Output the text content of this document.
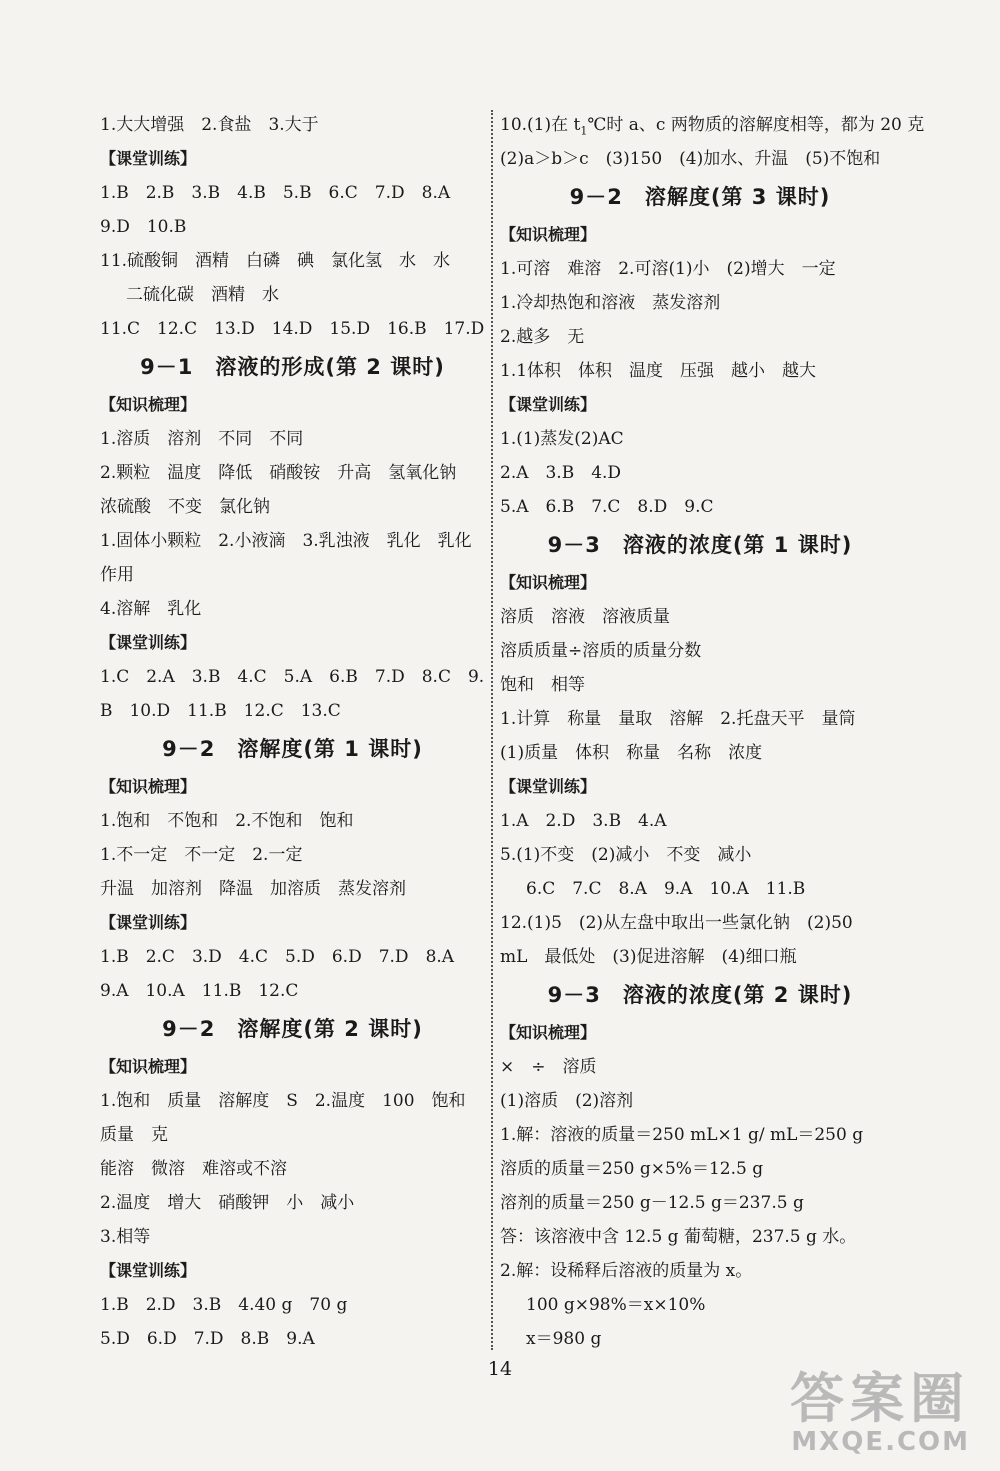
1.大大增强　2.食盐　3.大于
【课堂训练】
1.B　2.B　3.B　4.B　5.B　6.C　7.D　8.A
9.D　10.B
11.硫酸铜　酒精　白磷　碘　氯化氢　水　水
二硫化碳　酒精　水
11.C　12.C　13.D　14.D　15.D　16.B　17.D
9－1　溶液的形成(第 2 课时)
【知识梳理】
1.溶质　溶剂　不同　不同
2.颗粒　温度　降低　硝酸铵　升高　氢氧化钠
浓硫酸　不变　氯化钠
1.固体小颗粒　2.小液滴　3.乳浊液　乳化　乳化
作用
4.溶解　乳化
【课堂训练】
1.C　2.A　3.B　4.C　5.A　6.B　7.D　8.C　9.
B　10.D　11.B　12.C　13.C
9－2　溶解度(第 1 课时)
【知识梳理】
1.饱和　不饱和　2.不饱和　饱和
1.不一定　不一定　2.一定
升温　加溶剂　降温　加溶质　蒸发溶剂
【课堂训练】
1.B　2.C　3.D　4.C　5.D　6.D　7.D　8.A
9.A　10.A　11.B　12.C
9－2　溶解度(第 2 课时)
【知识梳理】
1.饱和　质量　溶解度　S　2.温度　100　饱和
质量　克
能溶　微溶　难溶或不溶
2.温度　增大　硝酸钾　小　减小
3.相等
【课堂训练】
1.B　2.D　3.B　4.40 g　70 g
5.D　6.D　7.D　8.B　9.A
10.(1)在 $t_1℃$时 a、c 两物质的溶解度相等，都为 20 克
(2)a＞b＞c　(3)150　(4)加水、升温　(5)不饱和
9－2　溶解度(第 3 课时)
【知识梳理】
1.可溶　难溶　2.可溶(1)小　(2)增大　一定
1.冷却热饱和溶液　蒸发溶剂
2.越多　无
1.1体积　体积　温度　压强　越小　越大
【课堂训练】
1.(1)蒸发(2)AC
2.A　3.B　4.D
5.A　6.B　7.C　8.D　9.C
9－3　溶液的浓度(第 1 课时)
【知识梳理】
溶质　溶液　溶液质量
溶质质量÷溶质的质量分数
饱和　相等
1.计算　称量　量取　溶解　2.托盘天平　量筒
(1)质量　体积　称量　名称　浓度
【课堂训练】
1.A　2.D　3.B　4.A
5.(1)不变　(2)减小　不变　减小
6.C　7.C　8.A　9.A　10.A　11.B
12.(1)5　(2)从左盘中取出一些氯化钠　(2)50
mL　最低处　(3)促进溶解　(4)细口瓶
9－3　溶液的浓度(第 2 课时)
【知识梳理】
×　÷　溶质
(1)溶质　(2)溶剂
1.解：溶液的质量＝250 mL×1 g/ mL＝250 g
溶质的质量＝250 g×5%＝12.5 g
溶剂的质量＝250 g－12.5 g＝237.5 g
答：该溶液中含 12.5 g 葡萄糖，237.5 g 水。
2.解：设稀释后溶液的质量为 x。
100 g×98%＝x×10%
x＝980 g
14	答案圈
MXQE.COM
